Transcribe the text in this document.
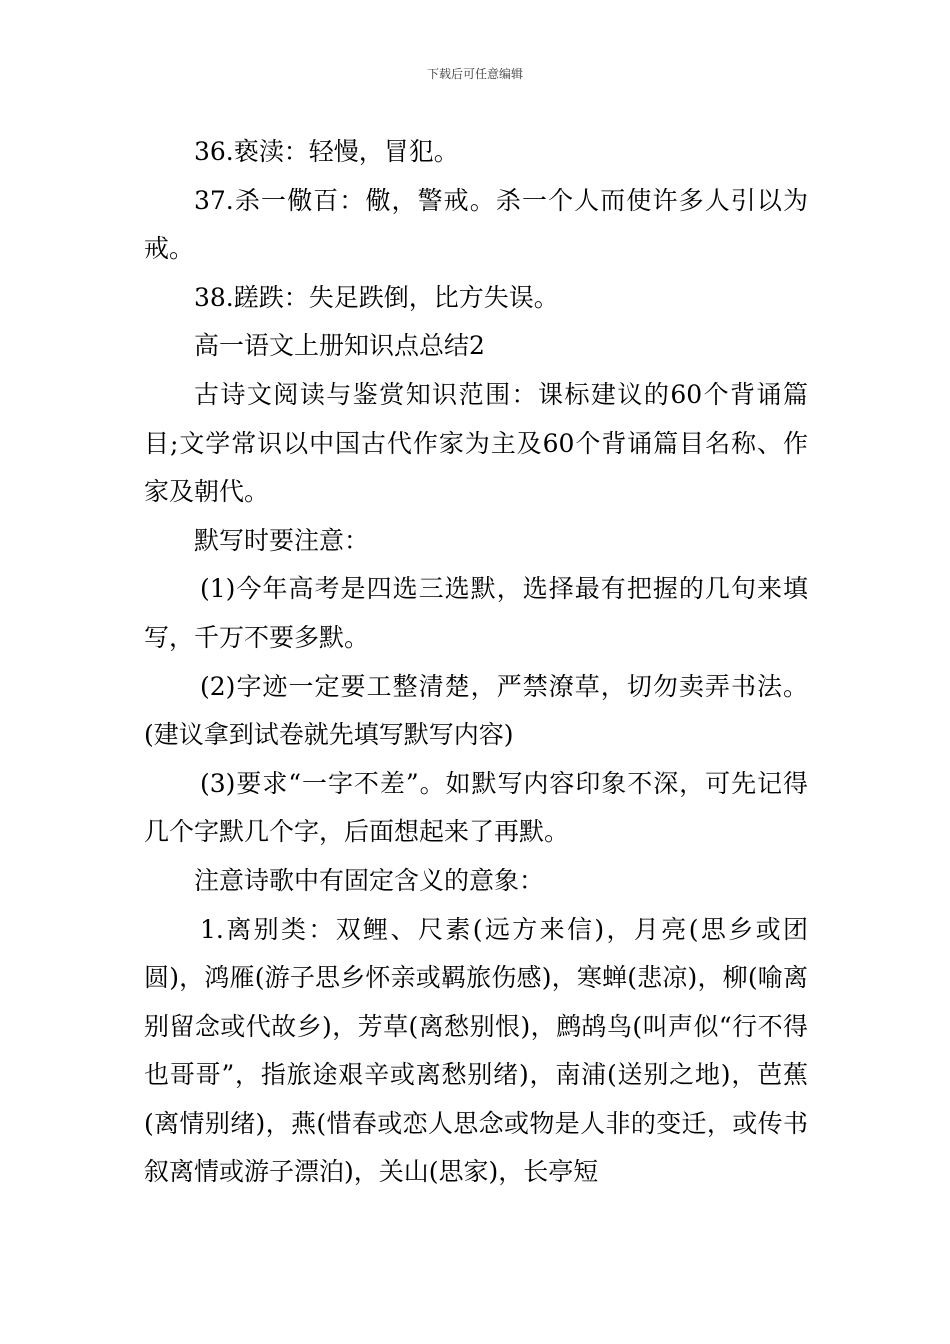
下载后可任意编辑

36.亵渎：轻慢，冒犯。

37.杀一儆百：儆，警戒。杀一个人而使许多人引以为戒。

38.蹉跌：失足跌倒，比方失误。

高一语文上册知识点总结2

古诗文阅读与鉴赏知识范围：课标建议的60个背诵篇目;文学常识以中国古代作家为主及60个背诵篇目名称、作家及朝代。

默写时要注意：

(1)今年高考是四选三选默，选择最有把握的几句来填写，千万不要多默。

(2)字迹一定要工整清楚，严禁潦草，切勿卖弄书法。(建议拿到试卷就先填写默写内容)

(3)要求“一字不差”。如默写内容印象不深，可先记得几个字默几个字，后面想起来了再默。

注意诗歌中有固定含义的意象：

1.离别类：双鲤、尺素(远方来信)，月亮(思乡或团圆)，鸿雁(游子思乡怀亲或羁旅伤感)，寒蝉(悲凉)，柳(喻离别留念或代故乡)，芳草(离愁别恨)，鹧鸪鸟(叫声似“行不得也哥哥”，指旅途艰辛或离愁别绪)，南浦(送别之地)，芭蕉(离情别绪)，燕(惜春或恋人思念或物是人非的变迁，或传书叙离情或游子漂泊)，关山(思家)，长亭短
